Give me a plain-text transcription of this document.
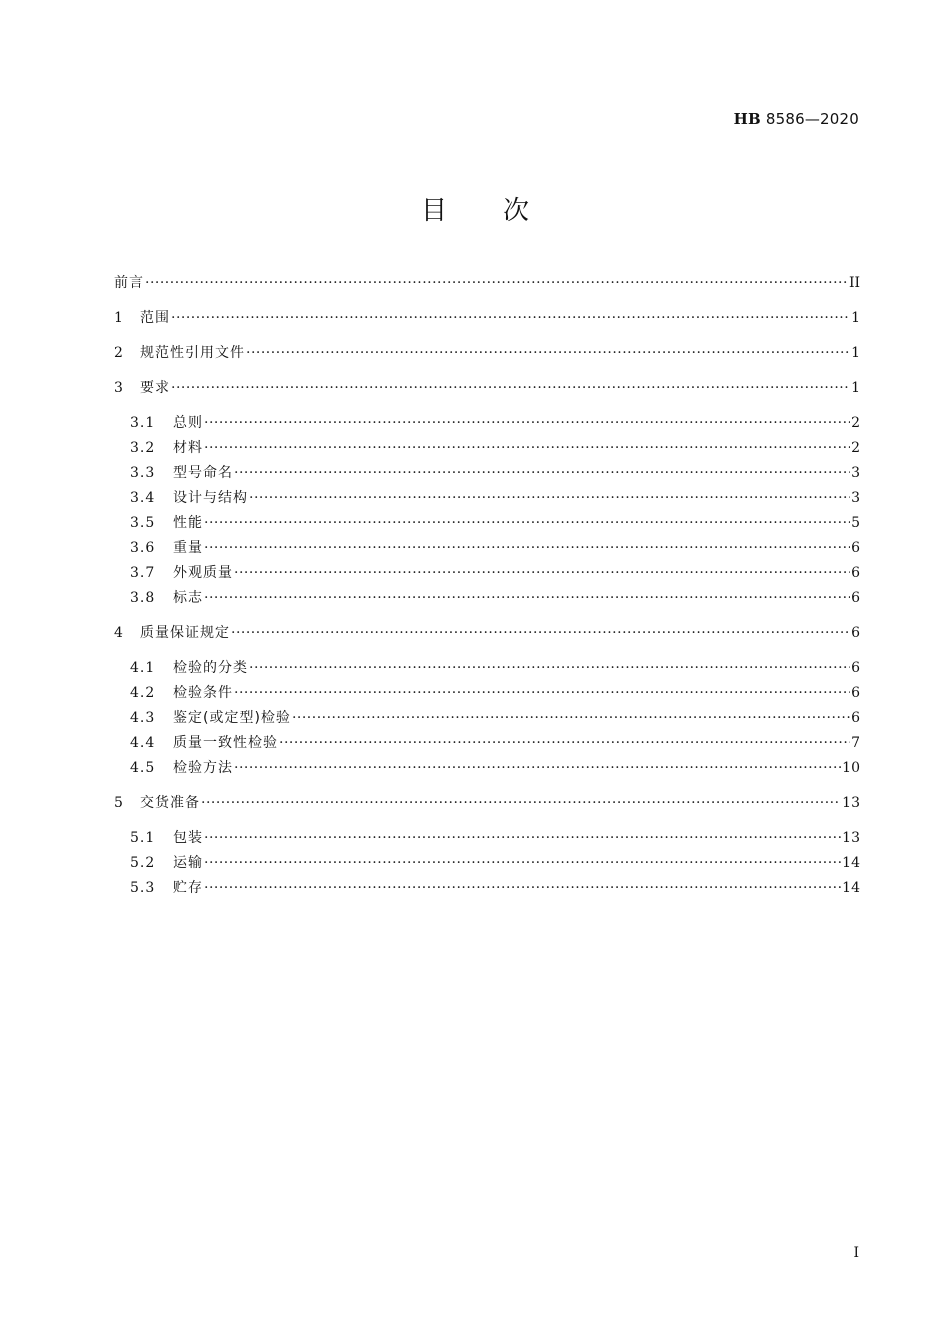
HB 8586—2020
目次
前言 ·····	II
1	范围 ·····	1
2	规范性引用文件 ·····	1
3	要求 ·····	1
3.1	总则 ·····	2
3.2	材料 ·····	2
3.3	型号命名 ·····	3
3.4	设计与结构 ·····	3
3.5	性能 ·····	5
3.6	重量 ·····	6
3.7	外观质量 ·····	6
3.8	标志 ·····	6
4	质量保证规定 ·····	6
4.1	检验的分类 ·····	6
4.2	检验条件 ·····	6
4.3	鉴定(或定型)检验 ·····	6
4.4	质量一致性检验 ·····	7
4.5	检验方法 ·····	10
5	交货准备 ·····	13
5.1	包装 ·····	13
5.2	运输 ·····	14
5.3	贮存 ·····	14
I
